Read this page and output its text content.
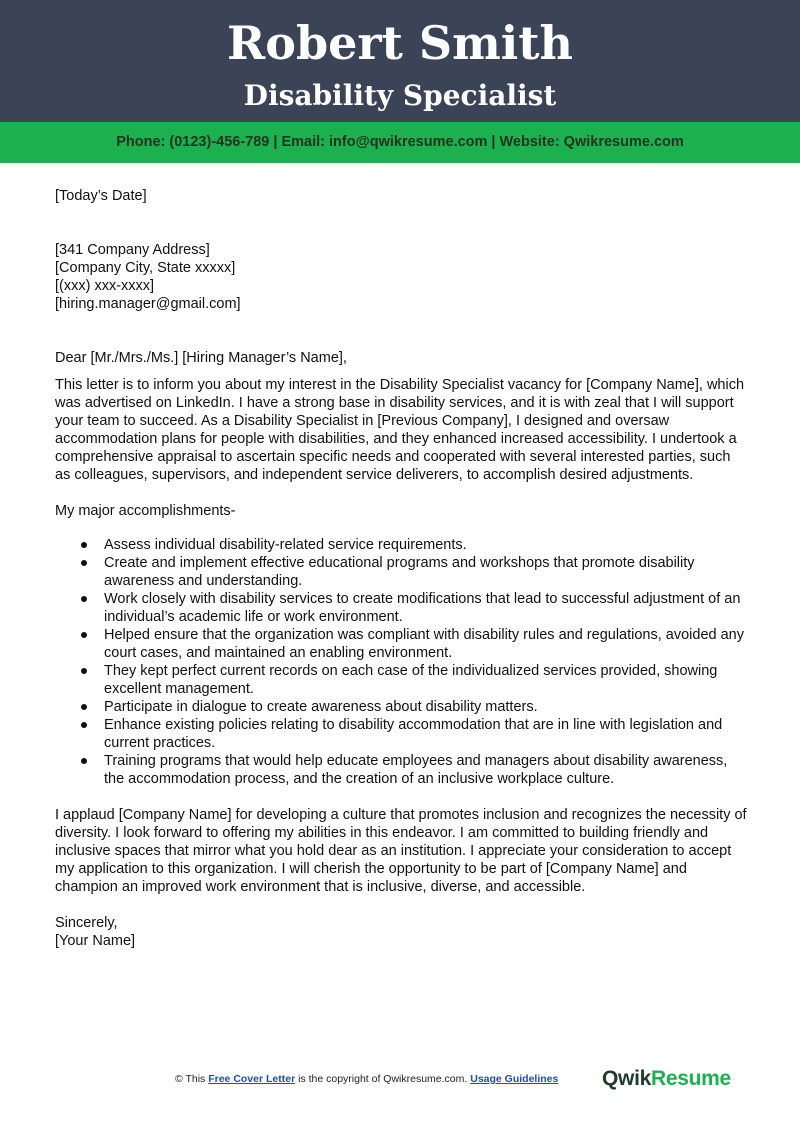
Robert Smith
Disability Specialist
Phone: (0123)-456-789 | Email: info@qwikresume.com | Website: Qwikresume.com

[Today’s Date]

[341 Company Address]

[Company City, State xxxxx]

[(xxx) xxx-xxxx]

[hiring.manager@gmail.com]

Dear [Mr./Mrs./Ms.] [Hiring Manager’s Name],

This letter is to inform you about my interest in the Disability Specialist vacancy for [Company Name], which was advertised on LinkedIn. I have a strong base in disability services, and it is with zeal that I will support your team to succeed. As a Disability Specialist in [Previous Company], I designed and oversaw accommodation plans for people with disabilities, and they enhanced increased accessibility. I undertook a comprehensive appraisal to ascertain specific needs and cooperated with several interested parties, such as colleagues, supervisors, and independent service deliverers, to accomplish desired adjustments.

My major accomplishments-

Assess individual disability-related service requirements.
Create and implement effective educational programs and workshops that promote disability awareness and understanding.
Work closely with disability services to create modifications that lead to successful adjustment of an individual’s academic life or work environment.
Helped ensure that the organization was compliant with disability rules and regulations, avoided any court cases, and maintained an enabling environment.
They kept perfect current records on each case of the individualized services provided, showing excellent management.
Participate in dialogue to create awareness about disability matters.
Enhance existing policies relating to disability accommodation that are in line with legislation and current practices.
Training programs that would help educate employees and managers about disability awareness, the accommodation process, and the creation of an inclusive workplace culture.

I applaud [Company Name] for developing a culture that promotes inclusion and recognizes the necessity of diversity. I look forward to offering my abilities in this endeavor. I am committed to building friendly and inclusive spaces that mirror what you hold dear as an institution. I appreciate your consideration to accept my application to this organization. I will cherish the opportunity to be part of [Company Name] and champion an improved work environment that is inclusive, diverse, and accessible.

Sincerely,

[Your Name]

© This Free Cover Letter is the copyright of Qwikresume.com. Usage Guidelines QwikResume
